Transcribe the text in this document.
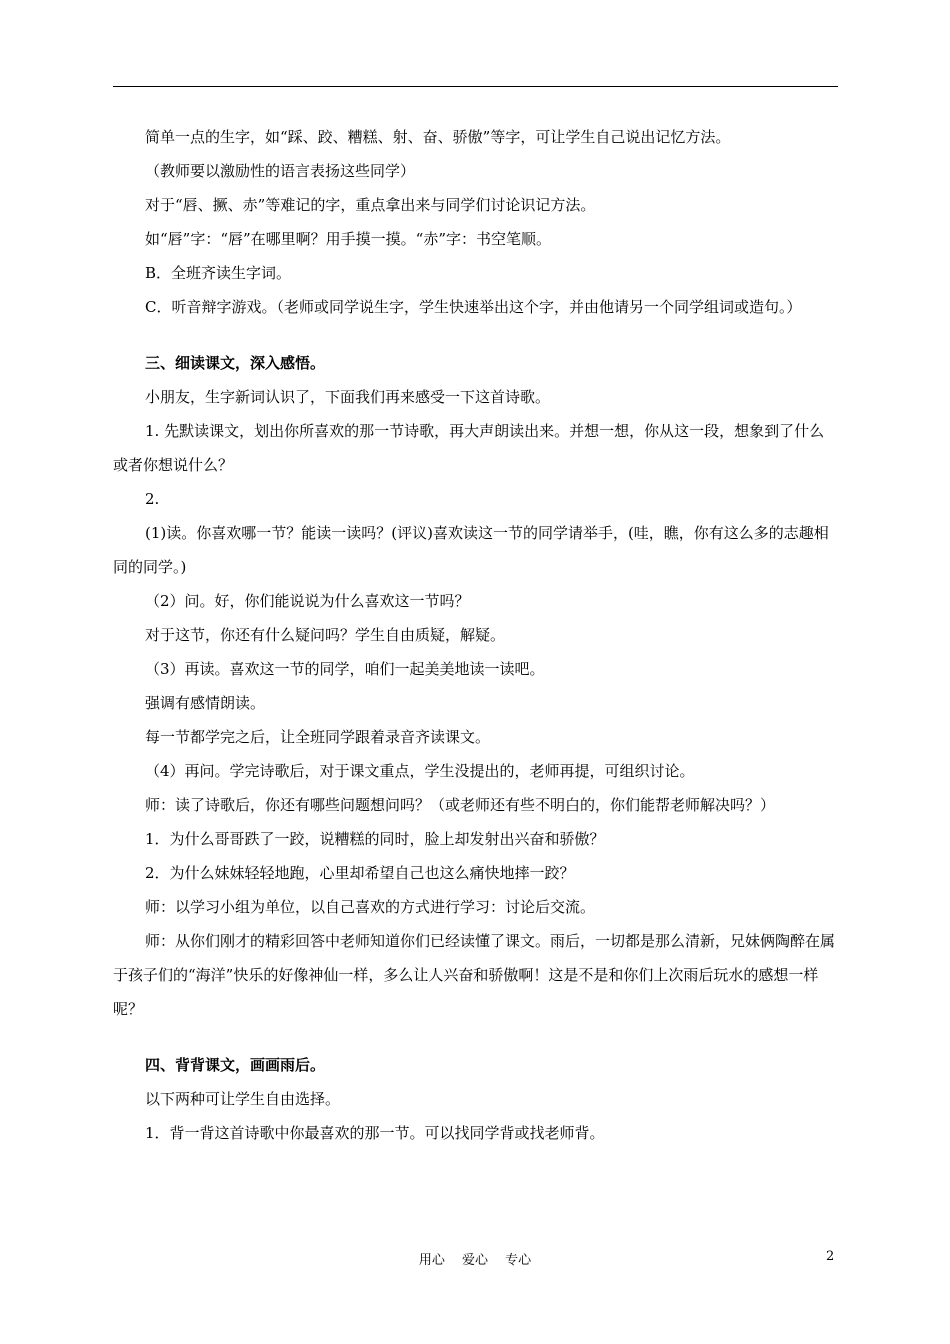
简单一点的生字，如“踩、跤、糟糕、射、奋、骄傲”等字，可让学生自己说出记忆方法。
（教师要以激励性的语言表扬这些同学）
对于“唇、撅、赤”等难记的字，重点拿出来与同学们讨论识记方法。
如“唇”字：“唇”在哪里啊？用手摸一摸。“赤”字：书空笔顺。
B．全班齐读生字词。
C．听音辩字游戏。（老师或同学说生字，学生快速举出这个字，并由他请另一个同学组词或造句。）
三、细读课文，深入感悟。
小朋友，生字新词认识了，下面我们再来感受一下这首诗歌。
1. 先默读课文，划出你所喜欢的那一节诗歌，再大声朗读出来。并想一想，你从这一段，想象到了什么或者你想说什么？
2.
(1)读。你喜欢哪一节？能读一读吗？(评议)喜欢读这一节的同学请举手，(哇，瞧，你有这么多的志趣相同的同学。)
（2）问。好，你们能说说为什么喜欢这一节吗？
对于这节，你还有什么疑问吗？学生自由质疑，解疑。
（3）再读。喜欢这一节的同学，咱们一起美美地读一读吧。
强调有感情朗读。
每一节都学完之后，让全班同学跟着录音齐读课文。
（4）再问。学完诗歌后，对于课文重点，学生没提出的，老师再提，可组织讨论。
师：读了诗歌后，你还有哪些问题想问吗？（或老师还有些不明白的，你们能帮老师解决吗？）
1．为什么哥哥跌了一跤，说糟糕的同时，脸上却发射出兴奋和骄傲？
2．为什么妹妹轻轻地跑，心里却希望自己也这么痛快地摔一跤？
师：以学习小组为单位，以自己喜欢的方式进行学习：讨论后交流。
师：从你们刚才的精彩回答中老师知道你们已经读懂了课文。雨后，一切都是那么清新，兄妹俩陶醉在属于孩子们的“海洋”快乐的好像神仙一样，多么让人兴奋和骄傲啊！这是不是和你们上次雨后玩水的感想一样呢？
四、背背课文，画画雨后。
以下两种可让学生自由选择。
1．背一背这首诗歌中你最喜欢的那一节。可以找同学背或找老师背。
用心　 爱心　 专心	2
